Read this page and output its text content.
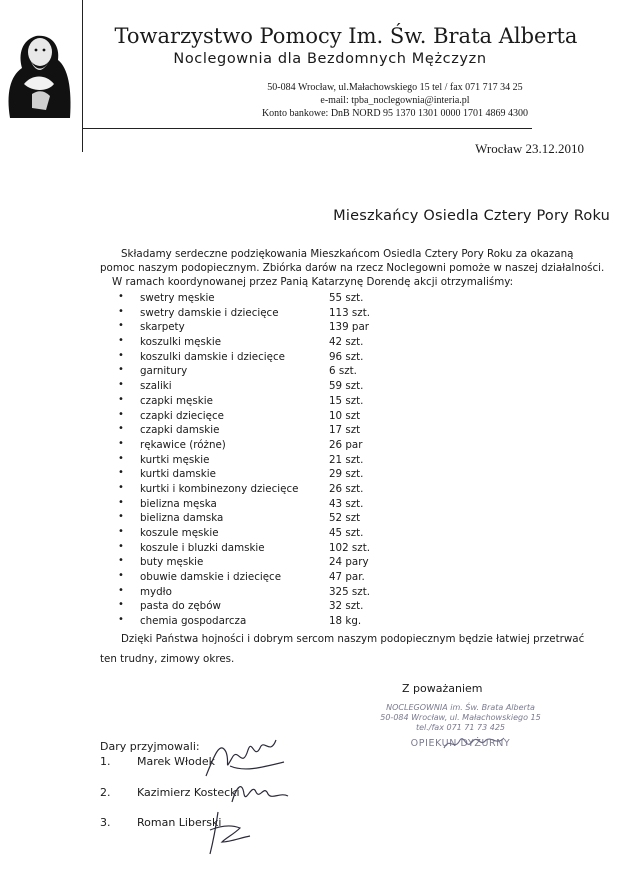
Towarzystwo Pomocy Im. Św. Brata Alberta
Noclegownia dla Bezdomnych Mężczyzn
50-084 Wrocław, ul.Małachowskiego 15 tel / fax 071 717 34 25
e-mail: tpba_noclegownia@interia.pl
Konto bankowe: DnB NORD 95 1370 1301 0000 1701 4869 4300
Wrocław 23.12.2010
Mieszkańcy Osiedla Cztery Pory Roku
Składamy serdeczne podziękowania Mieszkańcom Osiedla Cztery Pory Roku za okazaną
pomoc naszym podopiecznym. Zbiórka darów na rzecz Noclegowni pomoże w naszej działalności.
W ramach koordynowanej przez Panią Katarzynę Dorendę akcji otrzymaliśmy:
• swetry męskie	55 szt.
• swetry damskie i dziecięce	113 szt.
• skarpety	139 par
• koszulki męskie	42 szt.
• koszulki damskie i dziecięce	96 szt.
• garnitury	6 szt.
• szaliki	59 szt.
• czapki męskie	15 szt.
• czapki dziecięce	10 szt
• czapki damskie	17 szt
• rękawice (różne)	26 par
• kurtki męskie	21 szt.
• kurtki damskie	29 szt.
• kurtki i kombinezony dziecięce	26 szt.
• bielizna męska	43 szt.
• bielizna damska	52 szt
• koszule męskie	45 szt.
• koszule i bluzki damskie	102 szt.
• buty męskie	24 pary
• obuwie damskie i dziecięce	47 par.
• mydło	325 szt.
• pasta do zębów	32 szt.
• chemia gospodarcza	18 kg.
Dzięki Państwa hojności i dobrym sercom naszym podopiecznym będzie łatwiej przetrwać
ten trudny, zimowy okres.
Z poważaniem
NOCLEGOWNIA im. Św. Brata Alberta
50-084 Wrocław, ul. Małachowskiego 15
tel./fax 071 71 73 425
OPIEKUN DYŻURNY
Dary przyjmowali:
1. Marek Włodek
2. Kazimierz Kostecki
3. Roman Liberski
